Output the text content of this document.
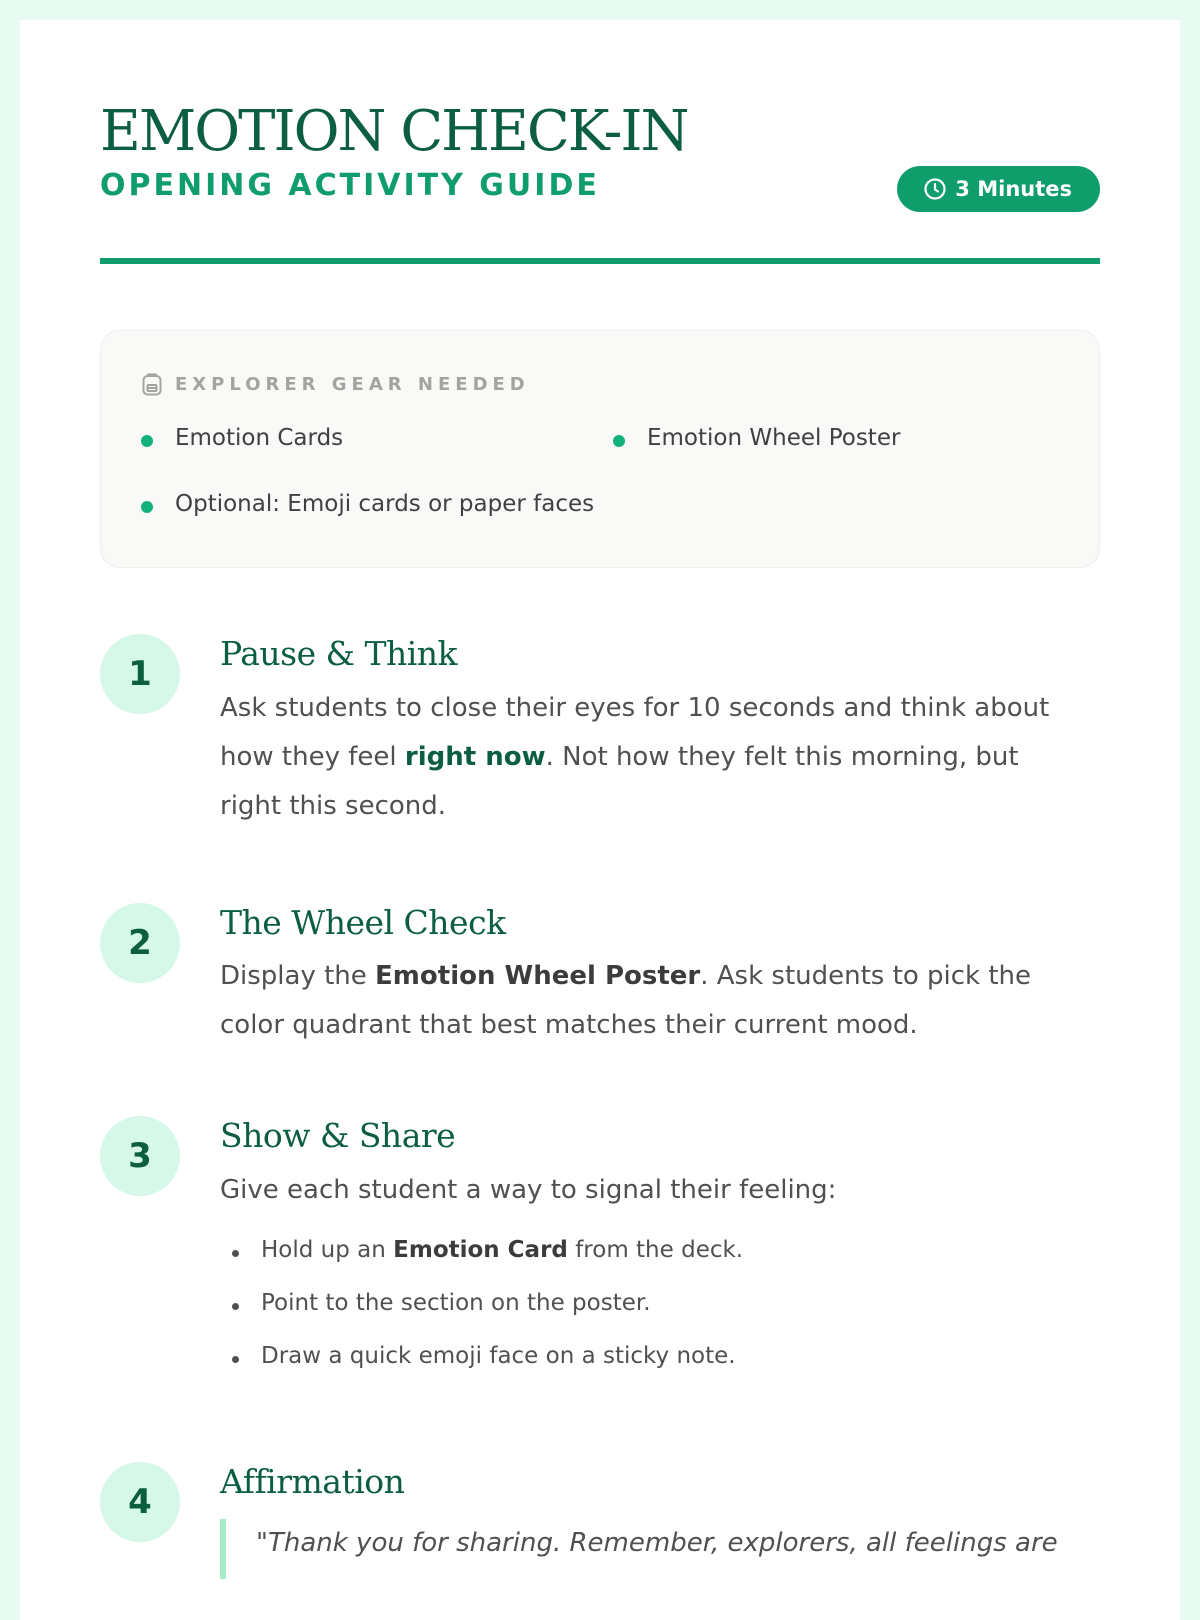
EMOTION CHECK-IN
OPENING ACTIVITY GUIDE	3 Minutes
EXPLORER GEAR NEEDED
Emotion Cards	Emotion Wheel Poster
Optional: Emoji cards or paper faces
1
Pause & Think

Ask students to close their eyes for 10 seconds and think about how they feel right now. Not how they felt this morning, but right this second.

2
The Wheel Check

Display the Emotion Wheel Poster. Ask students to pick the color quadrant that best matches their current mood.

3
Show & Share

Give each student a way to signal their feeling:

Hold up an Emotion Card from the deck.
Point to the section on the poster.
Draw a quick emoji face on a sticky note.
4
Affirmation
"Thank you for sharing. Remember, explorers, all feelings are
